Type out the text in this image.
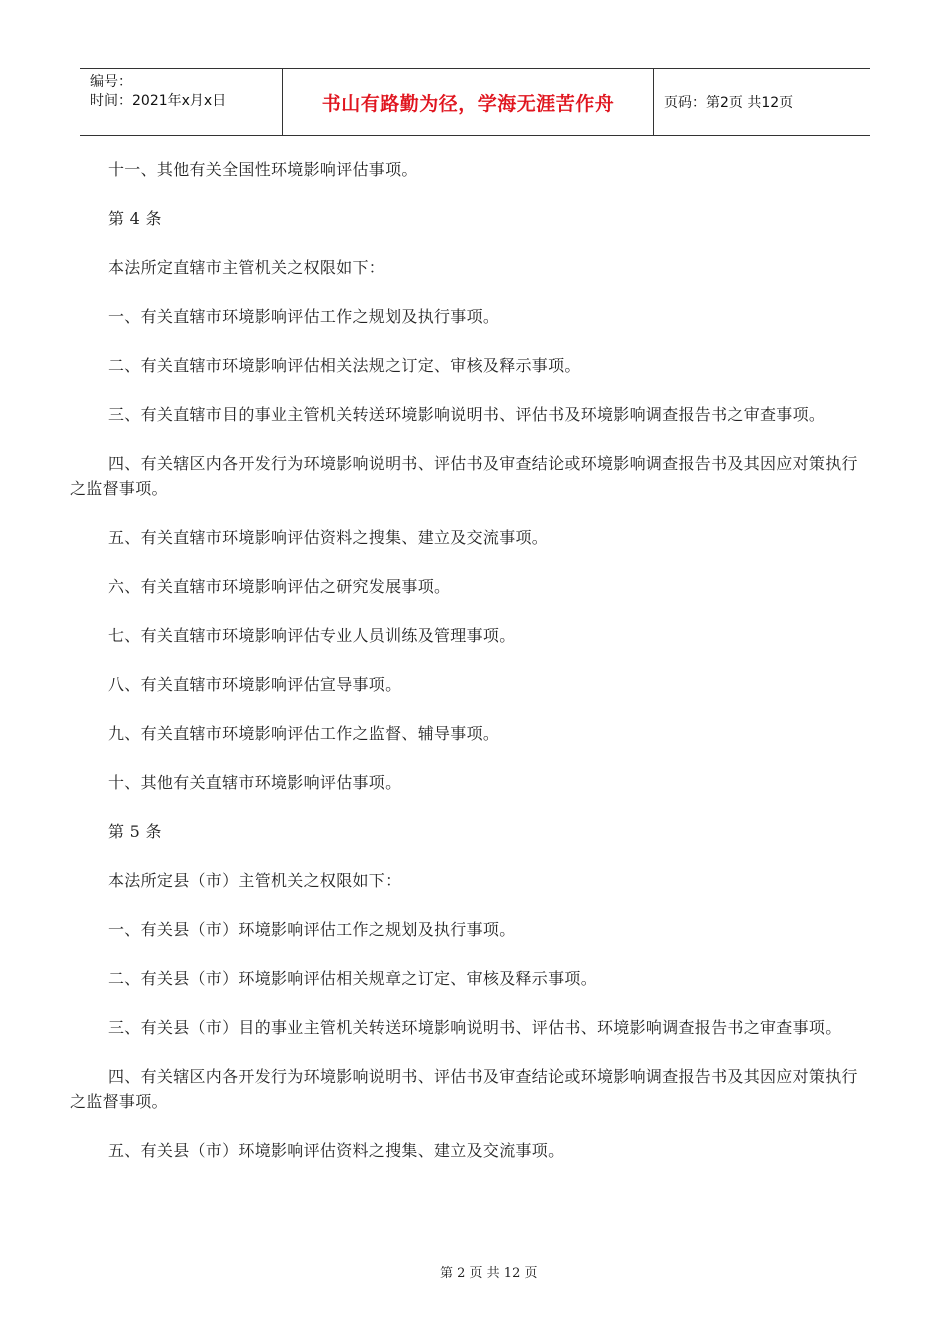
编号：
时间：2021年x月x日	书山有路勤为径，学海无涯苦作舟	页码：第2页 共12页

十一、其他有关全国性环境影响评估事项。

第 4 条

本法所定直辖市主管机关之权限如下：

一、有关直辖市环境影响评估工作之规划及执行事项。

二、有关直辖市环境影响评估相关法规之订定、审核及释示事项。

三、有关直辖市目的事业主管机关转送环境影响说明书、评估书及环境影响调查报告书之审查事项。

四、有关辖区内各开发行为环境影响说明书、评估书及审查结论或环境影响调查报告书及其因应对策执行之监督事项。

五、有关直辖市环境影响评估资料之搜集、建立及交流事项。

六、有关直辖市环境影响评估之研究发展事项。

七、有关直辖市环境影响评估专业人员训练及管理事项。

八、有关直辖市环境影响评估宣导事项。

九、有关直辖市环境影响评估工作之监督、辅导事项。

十、其他有关直辖市环境影响评估事项。

第 5 条

本法所定县（市）主管机关之权限如下：

一、有关县（市）环境影响评估工作之规划及执行事项。

二、有关县（市）环境影响评估相关规章之订定、审核及释示事项。

三、有关县（市）目的事业主管机关转送环境影响说明书、评估书、环境影响调查报告书之审查事项。

四、有关辖区内各开发行为环境影响说明书、评估书及审查结论或环境影响调查报告书及其因应对策执行之监督事项。

五、有关县（市）环境影响评估资料之搜集、建立及交流事项。

第 2 页 共 12 页
